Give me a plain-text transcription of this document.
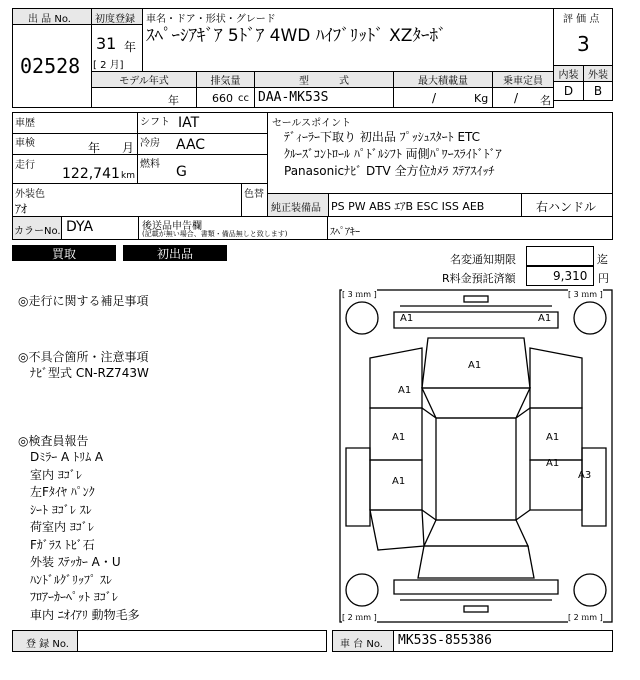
出 品 No.
02528
初度登録
31 年
[ 2 月]
車名・ドア・形状・グレード
ｽﾍﾟｰｼｱｷﾞｱ 5ﾄﾞｱ 4WD ﾊｲﾌﾞﾘｯﾄﾞ XZﾀｰﾎﾞ
評 価 点
3
内装 外装
D	B
モデル年式	排気量	型　　　式	最大積載量	乗車定員
年	660 cc DAA-MK53S	/	Kg / 名
車歴
車検	年 月
走行
122,741 km
シフト IAT
冷房 AAC
燃料 G
外装色
ｱｵ
色替
カラーNo. DYA	後送品申告欄
(記載が無い場合、書類・備品無しと致します)	ｽﾍﾟｱｷｰ
セールスポイント
ﾃﾞｨｰﾗｰ下取り 初出品 ﾌﾟｯｼｭｽﾀｰﾄ ETC
ｸﾙｰｽﾞｺﾝﾄﾛｰﾙ ﾊﾟﾄﾞﾙｼﾌﾄ 両側ﾊﾟﾜｰｽﾗｲﾄﾞﾄﾞｱ
Panasonicﾅﾋﾞ DTV 全方位ｶﾒﾗ ｽﾃｱｽｲｯﾁ
純正装備品 PS PW ABS ｴｱB ESC ISS AEB	右ハンドル
買取	初出品	名変通知期限	迄
R料金預託済額	9,310 円
◎走行に関する補足事項
◎不具合箇所・注意事項
ﾅﾋﾞ型式 CN-RZ743W
◎検査員報告
Dﾐﾗｰ A ﾄﾘﾑ A
室内 ﾖｺﾞﾚ
左Fﾀｲﾔ ﾊﾟﾝｸ
ｼｰﾄ ﾖｺﾞﾚ ｽﾚ
荷室内 ﾖｺﾞﾚ
Fｶﾞﾗｽ ﾄﾋﾞ石
外装 ｽﾃｯｶｰ A・U
ﾊﾝﾄﾞﾙｸﾞﾘｯﾌﾟ ｽﾚ
ﾌﾛｱｰｶｰﾍﾟｯﾄ ﾖｺﾞﾚ
車内 ﾆｵｲｱﾘ 動物毛多
[ 3 ｍm ]	[ 3 ｍm ]
[ 2 ｍm ]	[ 2 ｍm ]
A1	A1
A1
A1
A1	A1
A1
A1
A3
登 録 No.	車 台 No. MK53S-855386
